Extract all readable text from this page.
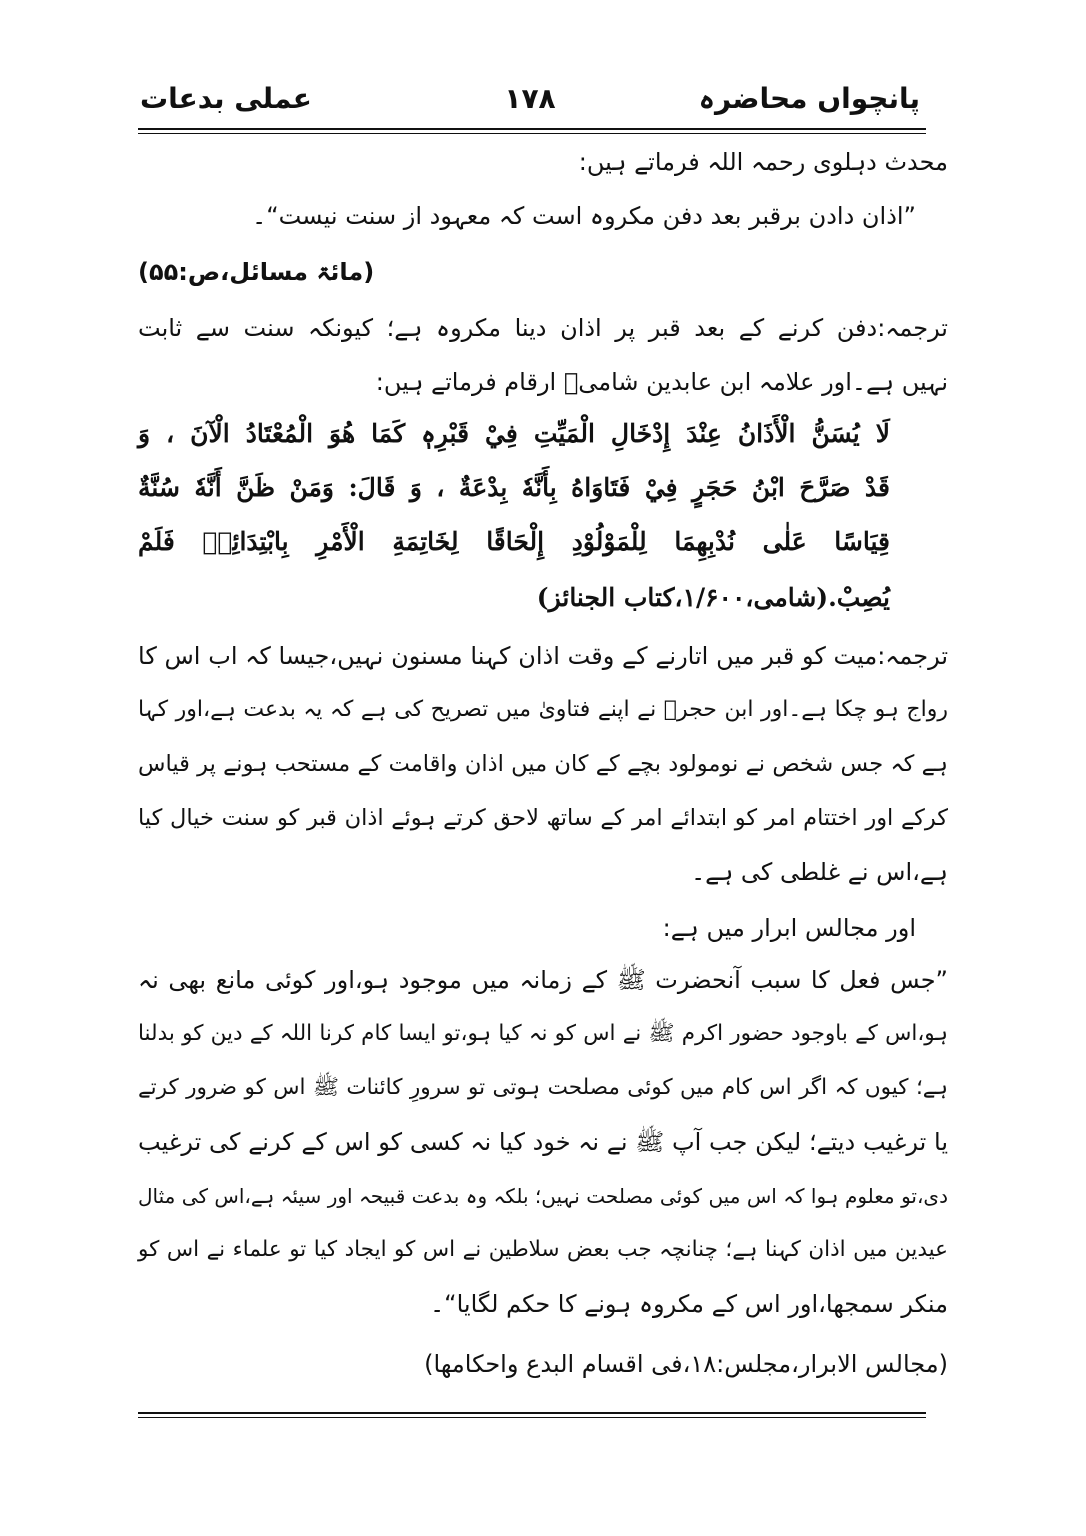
پانچواں محاضرہ
۱۷۸
عملی بدعات
محدث دہلوی رحمہ اللہ فرماتے ہیں:
”اذان دادن برقبر بعد دفن مکروہ است کہ معہود از سنت نیست“۔
(مائۃ مسائل،ص:۵۵)
ترجمہ:دفن کرنے کے بعد قبر پر اذان دینا مکروہ ہے؛ کیونکہ سنت سے ثابت
نہیں ہے۔اور علامہ ابن عابدین شامیؒ ارقام فرماتے ہیں:
لَا یُسَنُّ الْأَذَانُ عِنْدَ إِدْخَالِ الْمَیِّتِ فِيْ قَبْرِہٖ كَمَا هُوَ الْمُعْتَادُ الْآنَ ، وَ
قَدْ صَرَّحَ ابْنُ حَجَرٍ فِيْ فَتَاوَاهُ بِأَنَّهٗ بِدْعَةٌ ، وَ قَالَ: وَمَنْ ظَنَّ أَنَّهٗ سُنَّةٌ
قِيَاسًا عَلٰى نُدْبِهِمَا لِلْمَوْلُوْدِ إِلْحَاقًا لِخَاتِمَةِ الْأَمْرِ بِابْتِدَائِهٖ فَلَمْ
یُصِبْ.(شامی،۱/۶۰۰،کتاب الجنائز)
ترجمہ:میت کو قبر میں اتارنے کے وقت اذان کہنا مسنون نہیں،جیسا کہ اب اس کا
رواج ہو چکا ہے۔اور ابن حجرؒ نے اپنے فتاویٰ میں تصریح کی ہے کہ یہ بدعت ہے،اور کہا
ہے کہ جس شخص نے نومولود بچے کے کان میں اذان واقامت کے مستحب ہونے پر قیاس
کرکے اور اختتام امر کو ابتدائے امر کے ساتھ لاحق کرتے ہوئے اذان قبر کو سنت خیال کیا
ہے،اس نے غلطی کی ہے۔
اور مجالس ابرار میں ہے:
”جس فعل کا سبب آنحضرت ﷺ کے زمانہ میں موجود ہو،اور کوئی مانع بھی نہ
ہو،اس کے باوجود حضور اکرم ﷺ نے اس کو نہ کیا ہو،تو ایسا کام کرنا اللہ کے دین کو بدلنا
ہے؛ کیوں کہ اگر اس کام میں کوئی مصلحت ہوتی تو سرورِ کائنات ﷺ اس کو ضرور کرتے
یا ترغیب دیتے؛ لیکن جب آپ ﷺ نے نہ خود کیا نہ کسی کو اس کے کرنے کی ترغیب
دی،تو معلوم ہوا کہ اس میں کوئی مصلحت نہیں؛ بلکہ وہ بدعت قبیحہ اور سیئہ ہے،اس کی مثال
عیدین میں اذان کہنا ہے؛ چنانچہ جب بعض سلاطین نے اس کو ایجاد کیا تو علماء نے اس کو
منکر سمجھا،اور اس کے مکروہ ہونے کا حکم لگایا“۔
(مجالس الابرار،مجلس:۱۸،فی اقسام البدع واحکامها)
